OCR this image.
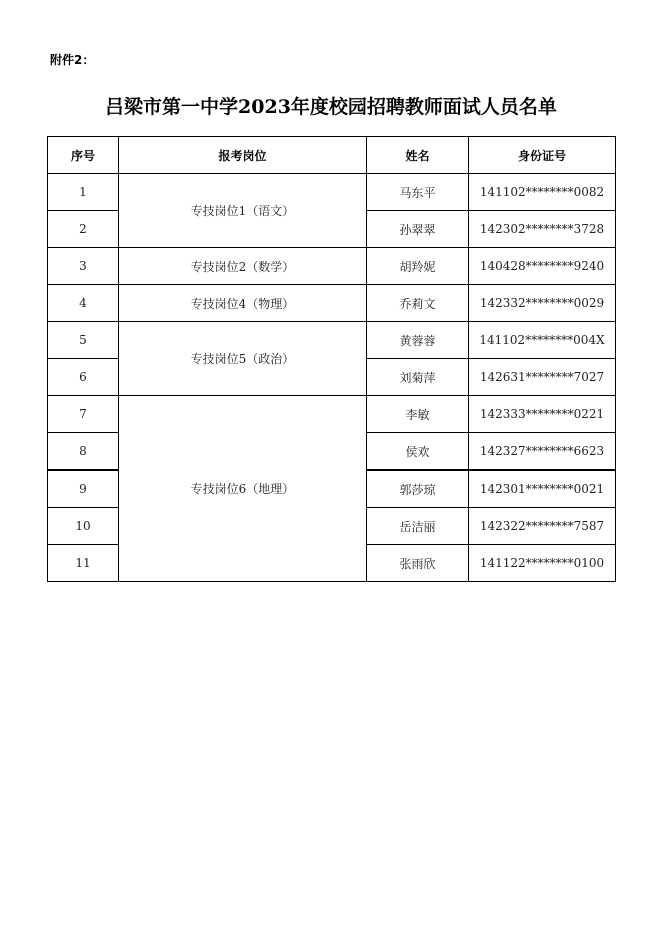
附件2：
吕梁市第一中学2023年度校园招聘教师面试人员名单
序号	报考岗位	姓名	身份证号
1	专技岗位1（语文）	马东平	141102********0082
2		孙翠翠	142302********3728
3	专技岗位2（数学）	胡羚妮	140428********9240
4	专技岗位4（物理）	乔莉文	142332********0029
5	专技岗位5（政治）	黄蓉蓉	141102********004X
6		刘菊萍	142631********7027
7	专技岗位6（地理）	李敏	142333********0221
8		侯欢	142327********6623
9		郭莎琼	142301********0021
10		岳洁丽	142322********7587
11		张雨欣	141122********0100
